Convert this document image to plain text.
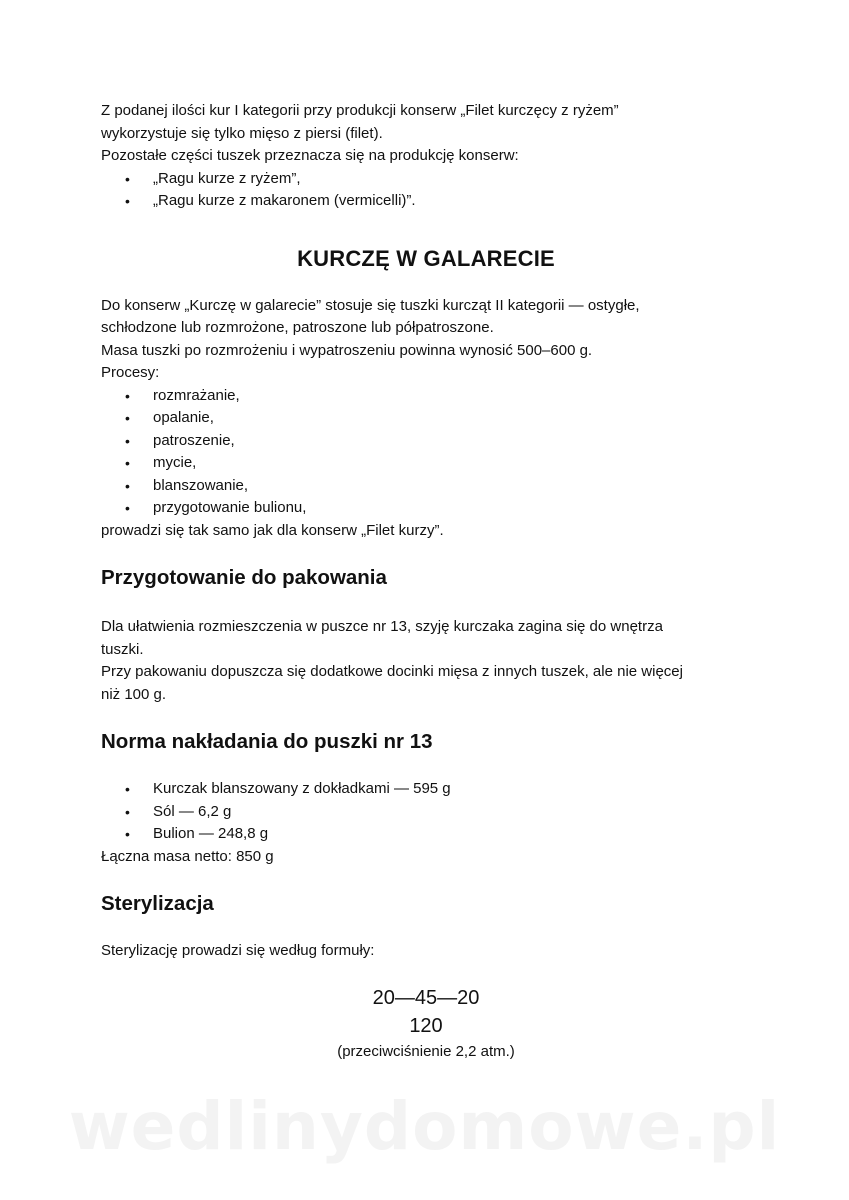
Z podanej ilości kur I kategorii przy produkcji konserw „Filet kurczęcy z ryżem”

wykorzystuje się tylko mięso z piersi (filet).

Pozostałe części tuszek przeznacza się na produkcję konserw:

• „Ragu kurze z ryżem”,
• „Ragu kurze z makaronem (vermicelli)”.
KURCZĘ W GALARECIE

Do konserw „Kurczę w galarecie” stosuje się tuszki kurcząt II kategorii — ostygłe,

schłodzone lub rozmrożone, patroszone lub półpatroszone.

Masa tuszki po rozmrożeniu i wypatroszeniu powinna wynosić 500–600 g.

Procesy:

• rozmrażanie,
• opalanie,
• patroszenie,
• mycie,
• blanszowanie,
• przygotowanie bulionu,

prowadzi się tak samo jak dla konserw „Filet kurzy”.

Przygotowanie do pakowania

Dla ułatwienia rozmieszczenia w puszce nr 13, szyję kurczaka zagina się do wnętrza

tuszki.

Przy pakowaniu dopuszcza się dodatkowe docinki mięsa z innych tuszek, ale nie więcej

niż 100 g.

Norma nakładania do puszki nr 13
• Kurczak blanszowany z dokładkami — 595 g
• Sól — 6,2 g
• Bulion — 248,8 g

Łączna masa netto: 850 g

Sterylizacja

Sterylizację prowadzi się według formuły:

20—45—20
120
(przeciwciśnienie 2,2 atm.)
wedlinydomowe.pl
